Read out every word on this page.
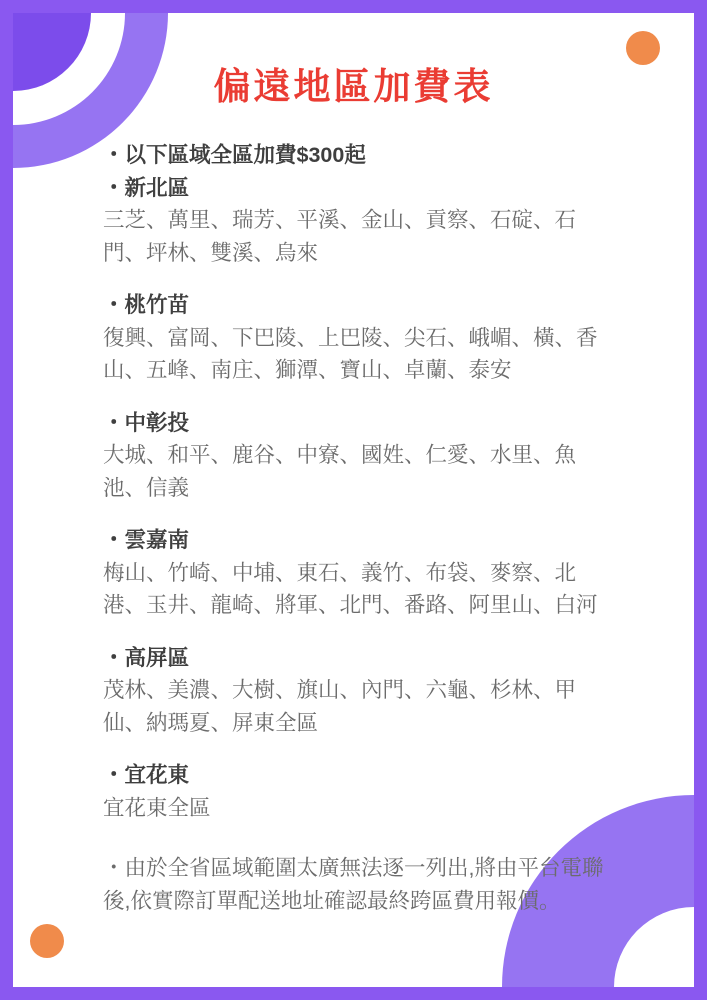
偏遠地區加費表
・以下區域全區加費$300起
・新北區
三芝、萬里、瑞芳、平溪、金山、貢察、石碇、石門、坪林、雙溪、烏來
・桃竹苗
復興、富岡、下巴陵、上巴陵、尖石、峨嵋、橫、香山、五峰、南庄、獅潭、寶山、卓蘭、泰安
・中彰投
大城、和平、鹿谷、中寮、國姓、仁愛、水里、魚池、信義
・雲嘉南
梅山、竹崎、中埔、東石、義竹、布袋、麥察、北港、玉井、龍崎、將軍、北門、番路、阿里山、白河
・高屏區
茂林、美濃、大樹、旗山、內門、六龜、杉林、甲仙、納瑪夏、屏東全區
・宜花東
宜花東全區
・由於全省區域範圍太廣無法逐一列出,將由平台電聯後,依實際訂單配送地址確認最終跨區費用報價。
